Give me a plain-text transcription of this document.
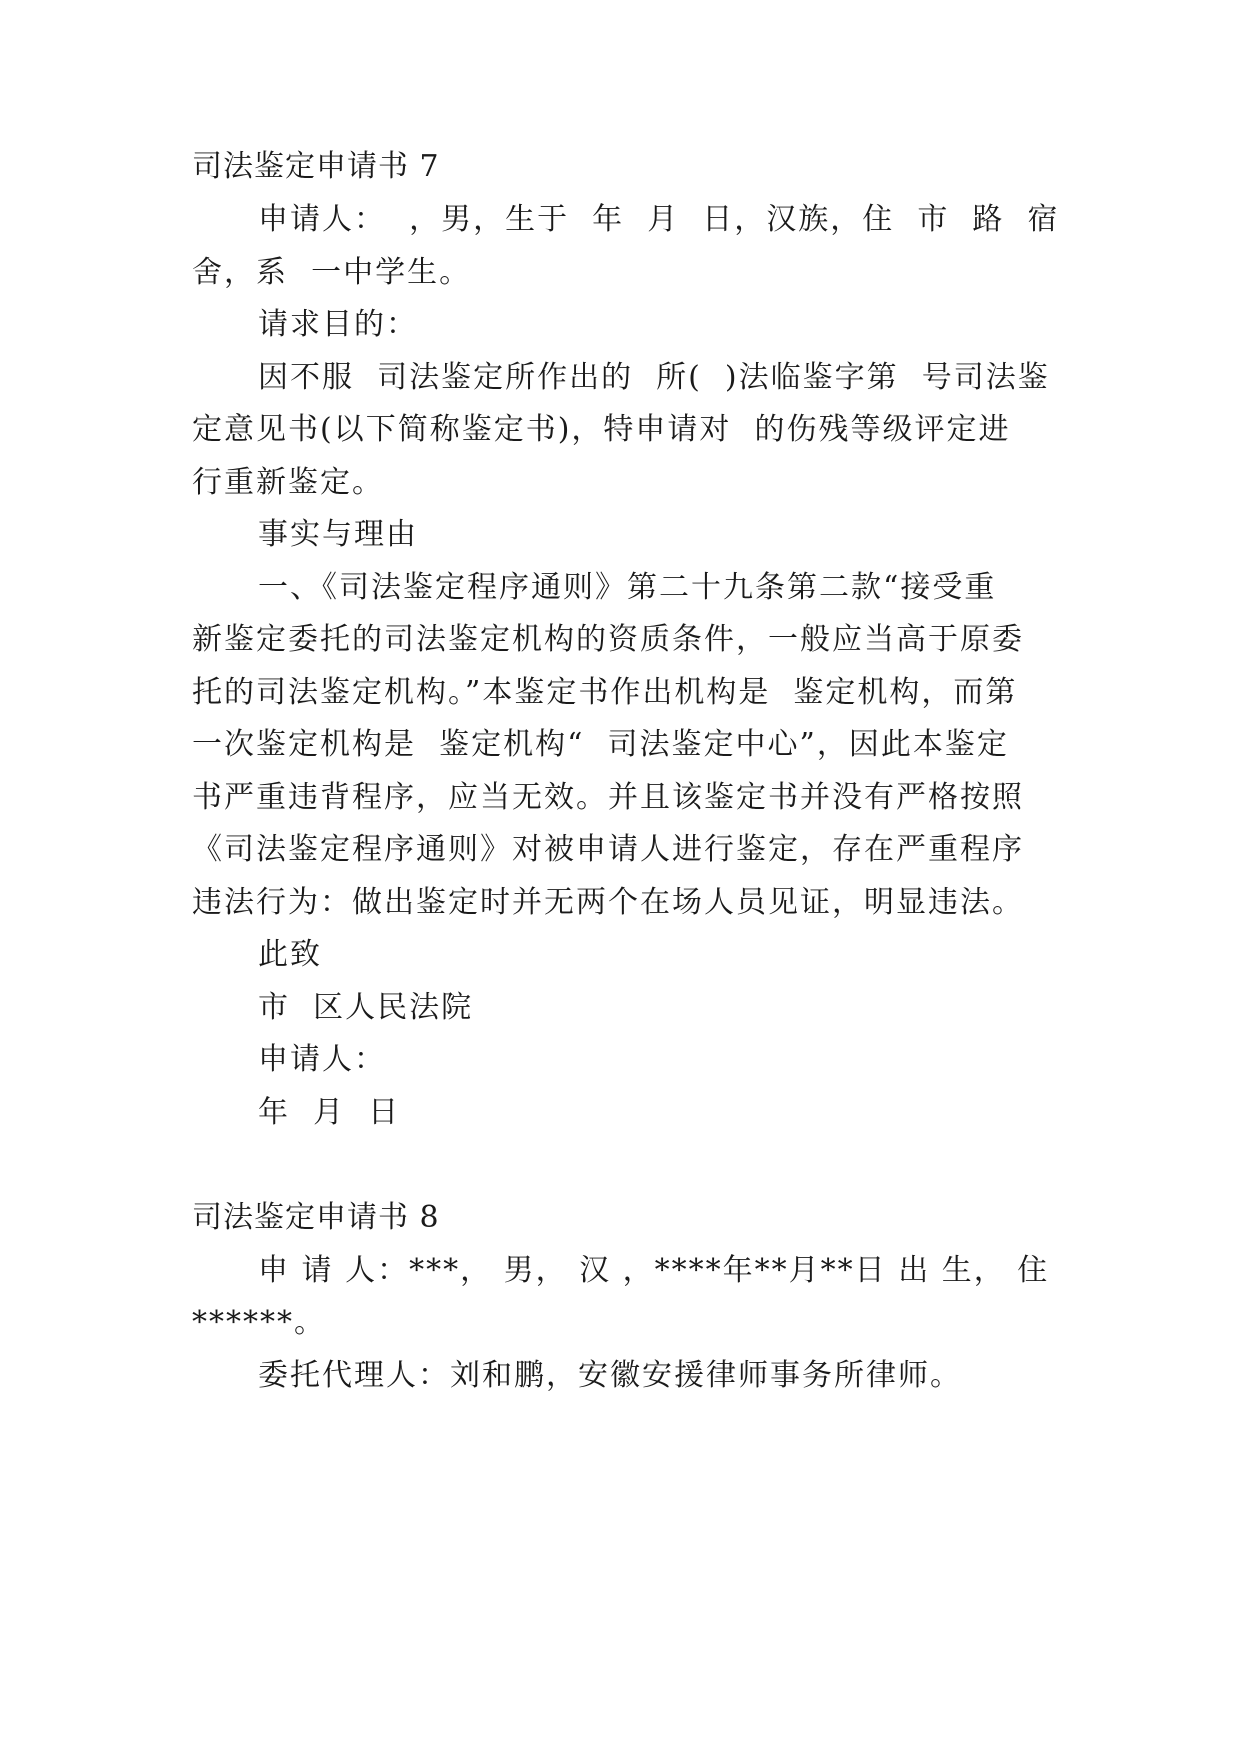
司法鉴定申请书 7
申请人：  ，男，生于  年  月  日，汉族，住  市  路  宿
舍，系  一中学生。
请求目的：
因不服  司法鉴定所作出的  所(  )法临鉴字第  号司法鉴
定意见书(以下简称鉴定书)，特申请对  的伤残等级评定进
行重新鉴定。
事实与理由
一、《司法鉴定程序通则》第二十九条第二款“接受重
新鉴定委托的司法鉴定机构的资质条件，一般应当高于原委
托的司法鉴定机构。”本鉴定书作出机构是  鉴定机构，而第
一次鉴定机构是  鉴定机构“  司法鉴定中心”，因此本鉴定
书严重违背程序，应当无效。并且该鉴定书并没有严格按照
《司法鉴定程序通则》对被申请人进行鉴定，存在严重程序
违法行为：做出鉴定时并无两个在场人员见证，明显违法。
此致
市  区人民法院
申请人：
年  月  日
司法鉴定申请书 8
申 请 人：***， 男， 汉 ，****年**月**日 出 生， 住
******。
委托代理人：刘和鹏，安徽安援律师事务所律师。
